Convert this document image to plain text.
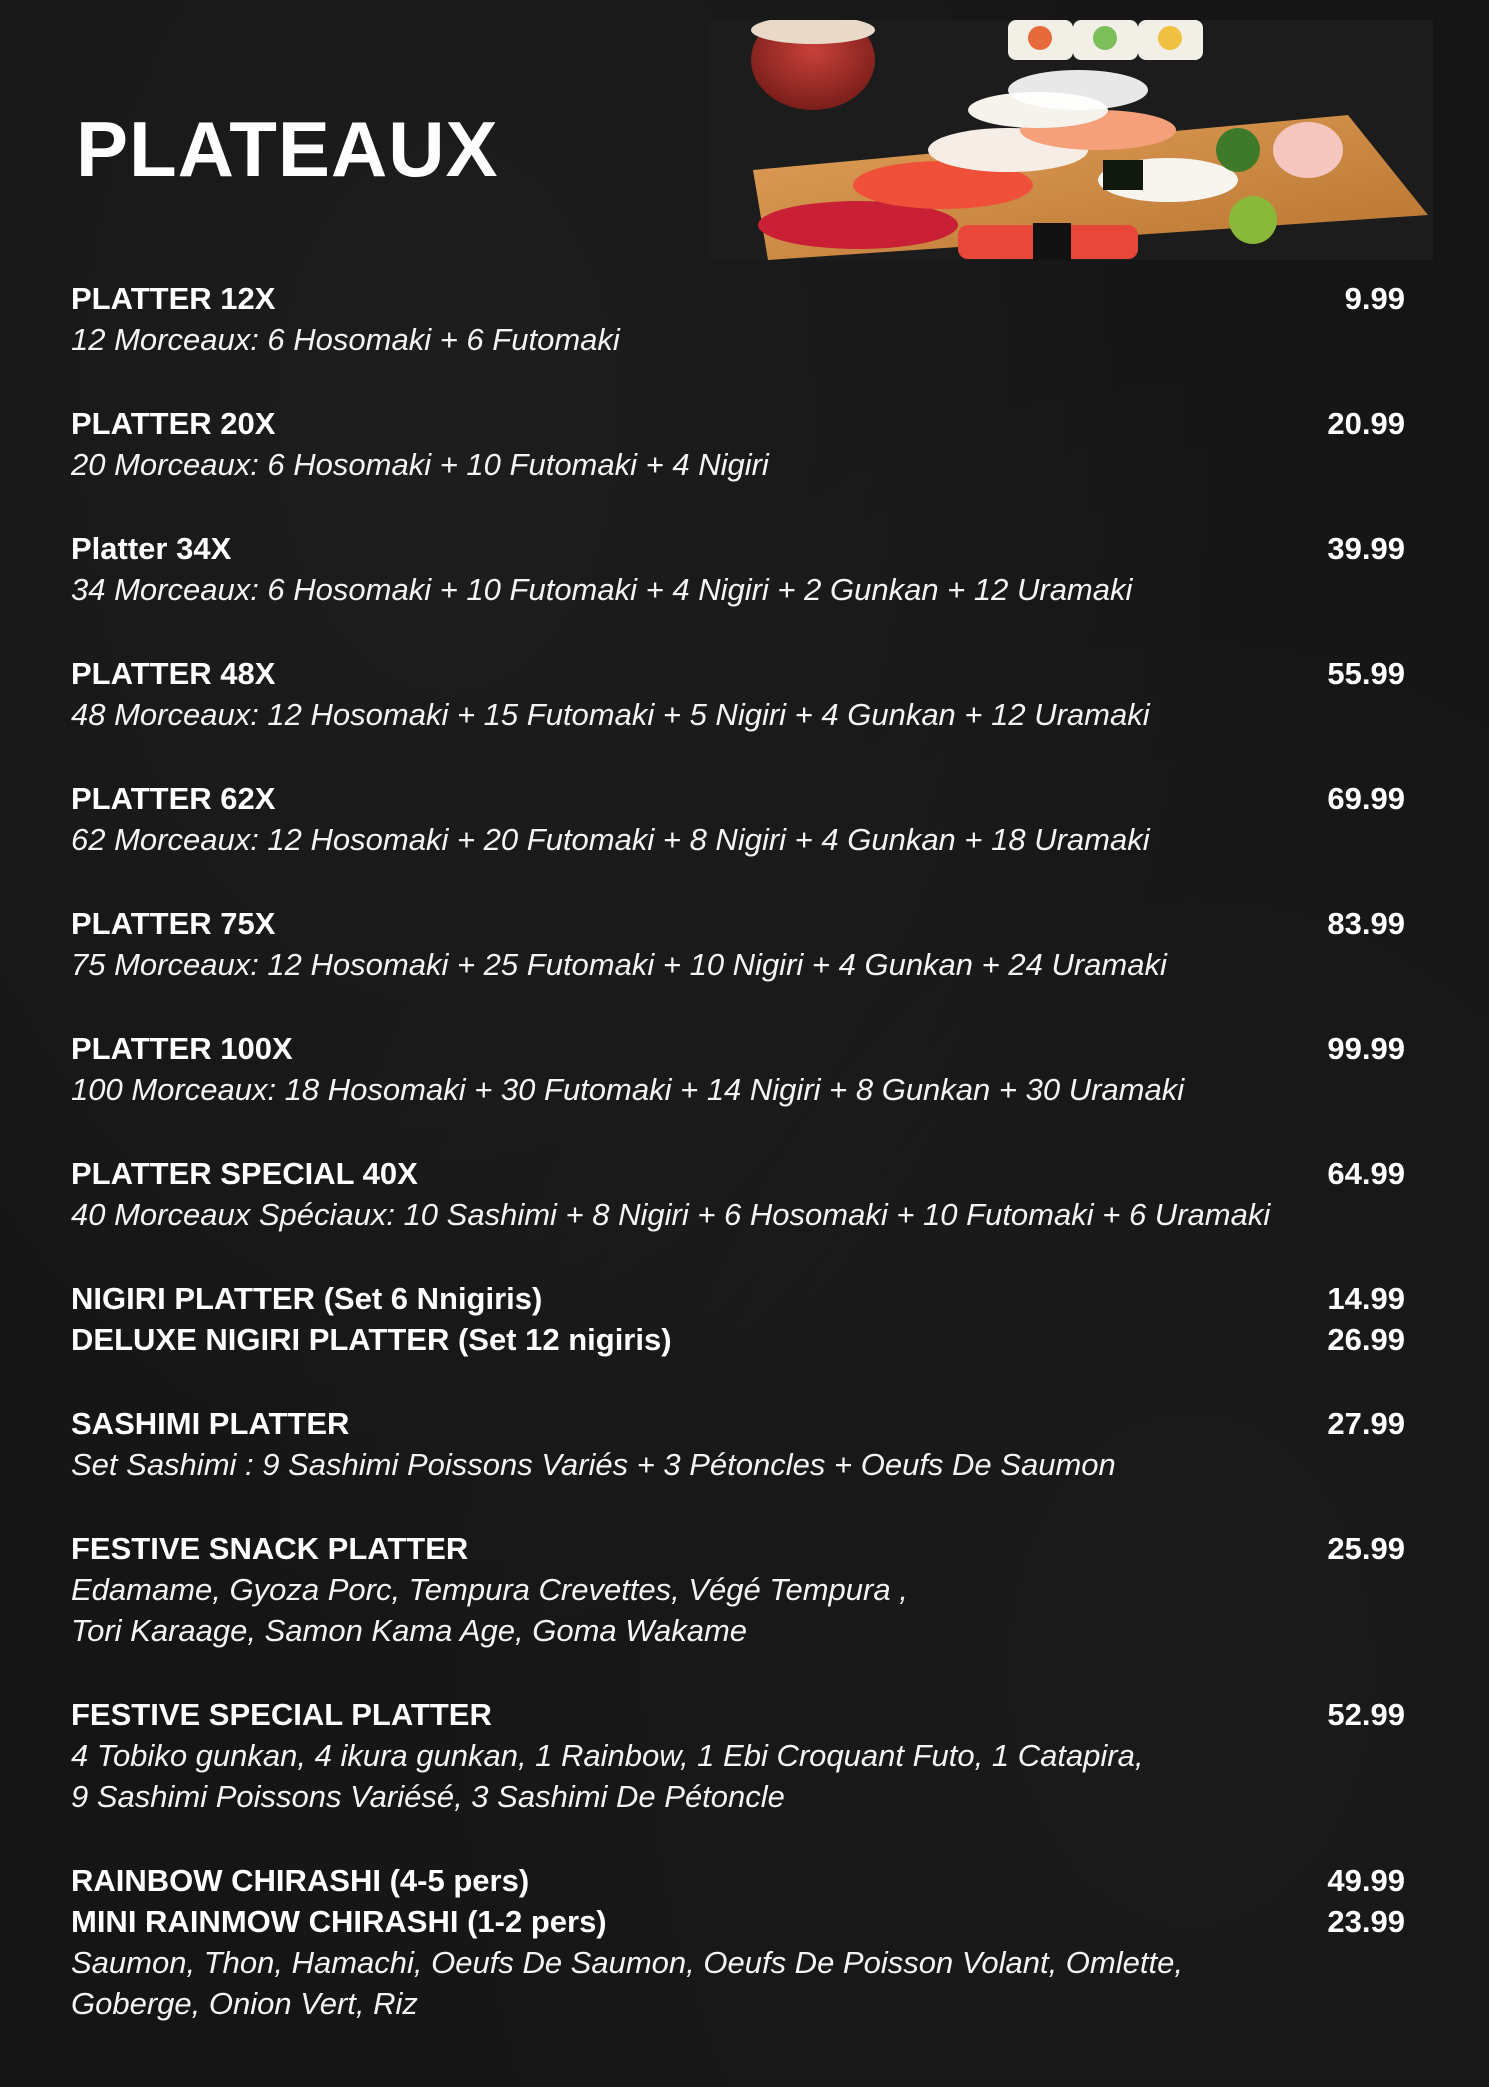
PLATEAUX
PLATTER 12X	9.99
12 Morceaux: 6 Hosomaki + 6 Futomaki
PLATTER 20X	20.99
20 Morceaux: 6 Hosomaki + 10 Futomaki + 4 Nigiri
Platter 34X	39.99
34 Morceaux: 6 Hosomaki + 10 Futomaki + 4 Nigiri + 2 Gunkan + 12 Uramaki
PLATTER 48X	55.99
48 Morceaux: 12 Hosomaki + 15 Futomaki + 5 Nigiri + 4 Gunkan + 12 Uramaki
PLATTER 62X	69.99
62 Morceaux: 12 Hosomaki + 20 Futomaki + 8 Nigiri + 4 Gunkan + 18 Uramaki
PLATTER 75X	83.99
75 Morceaux: 12 Hosomaki + 25 Futomaki + 10 Nigiri + 4 Gunkan + 24 Uramaki
PLATTER 100X	99.99
100 Morceaux: 18 Hosomaki + 30 Futomaki + 14 Nigiri + 8 Gunkan + 30 Uramaki
PLATTER SPECIAL 40X	64.99
40 Morceaux Spéciaux: 10 Sashimi + 8 Nigiri + 6 Hosomaki + 10 Futomaki + 6 Uramaki
NIGIRI PLATTER (Set 6 Nnigiris)	14.99
DELUXE NIGIRI PLATTER (Set 12 nigiris)	26.99
SASHIMI PLATTER	27.99
Set Sashimi : 9 Sashimi Poissons Variés + 3 Pétoncles + Oeufs De Saumon
FESTIVE SNACK PLATTER	25.99
Edamame, Gyoza Porc, Tempura Crevettes, Végé Tempura ,
Tori Karaage, Samon Kama Age, Goma Wakame
FESTIVE SPECIAL PLATTER	52.99
4 Tobiko gunkan, 4 ikura gunkan, 1 Rainbow, 1 Ebi Croquant Futo, 1 Catapira,
9 Sashimi Poissons Variésé, 3 Sashimi De Pétoncle
RAINBOW CHIRASHI (4-5 pers)	49.99
MINI RAINMOW CHIRASHI (1-2 pers)	23.99
Saumon, Thon, Hamachi, Oeufs De Saumon, Oeufs De Poisson Volant, Omlette,
Goberge, Onion Vert, Riz
